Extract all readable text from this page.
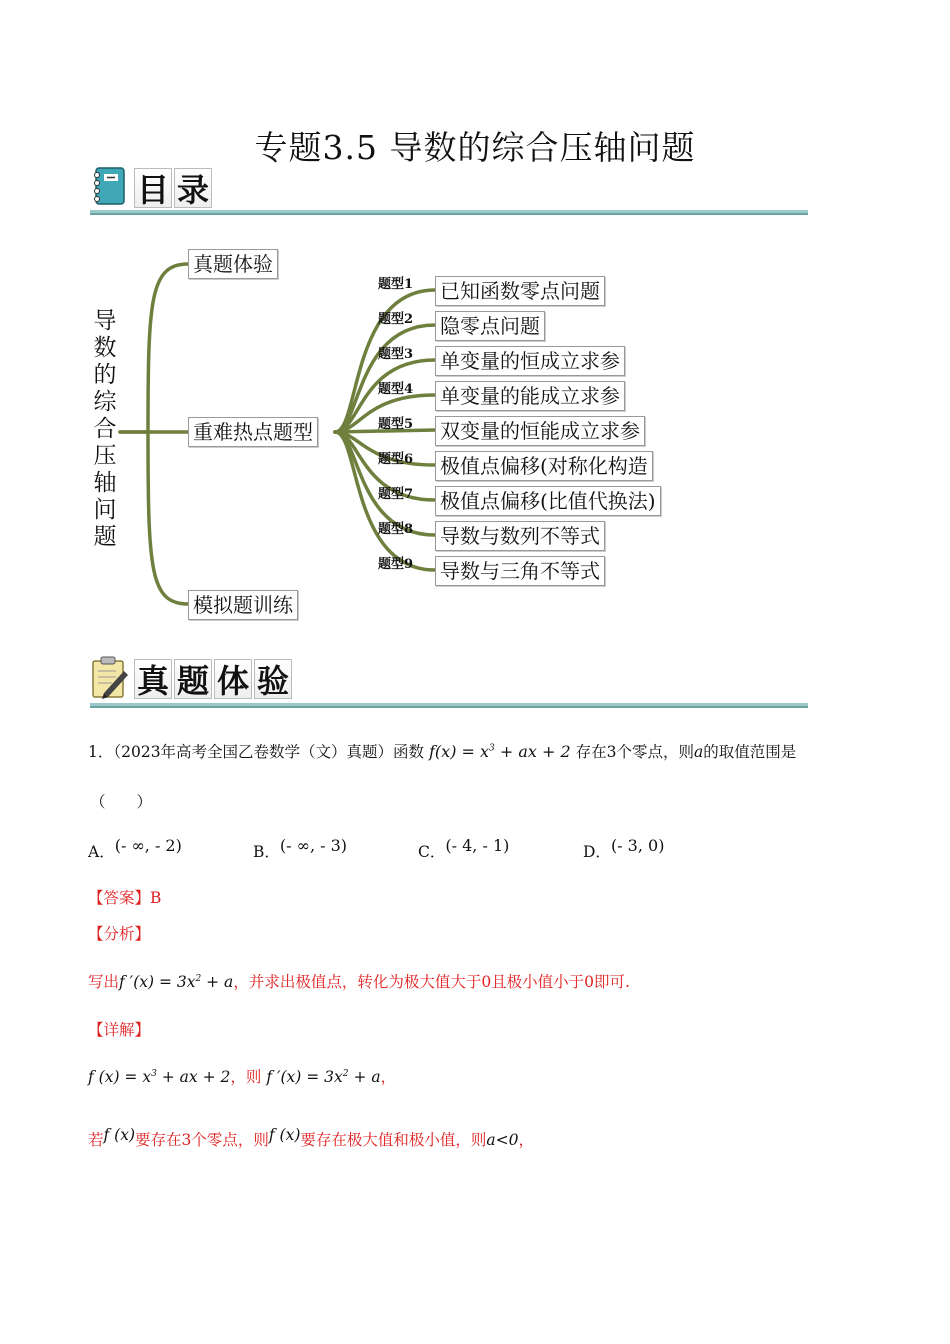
专题3.5 导数的综合压轴问题
目 录
导
数
的
综
合
压
轴
问
题
真题体验
重难热点题型
模拟题训练
题型1
题型2
题型3
题型4
题型5
题型6
题型7
题型8
题型9
已知函数零点问题
隐零点问题
单变量的恒成立求参
单变量的能成立求参
双变量的恒能成立求参
极值点偏移(对称化构造
极值点偏移(比值代换法)
导数与数列不等式
导数与三角不等式
真 题 体 验
1．（2023年高考全国乙卷数学（文）真题）函数 $f(x) = x^3$ + ax + 2 存在3个零点，则a的取值范围是
（　　）
A．(- ∞, - 2)	B．(- ∞, - 3)	C．(- 4, - 1)	D．(- 3, 0)
【答案】B
【分析】
写出f $'(x) = 3x^2 + a$，并求出极值点，转化为极大值大于0且极小值小于0即可.
【详解】
f $(x) = x^3$ + ax + 2，则 f $'(x) = 3x^2 + a$，
若f (x)要存在3个零点，则f (x)要存在极大值和极小值，则a<0，
